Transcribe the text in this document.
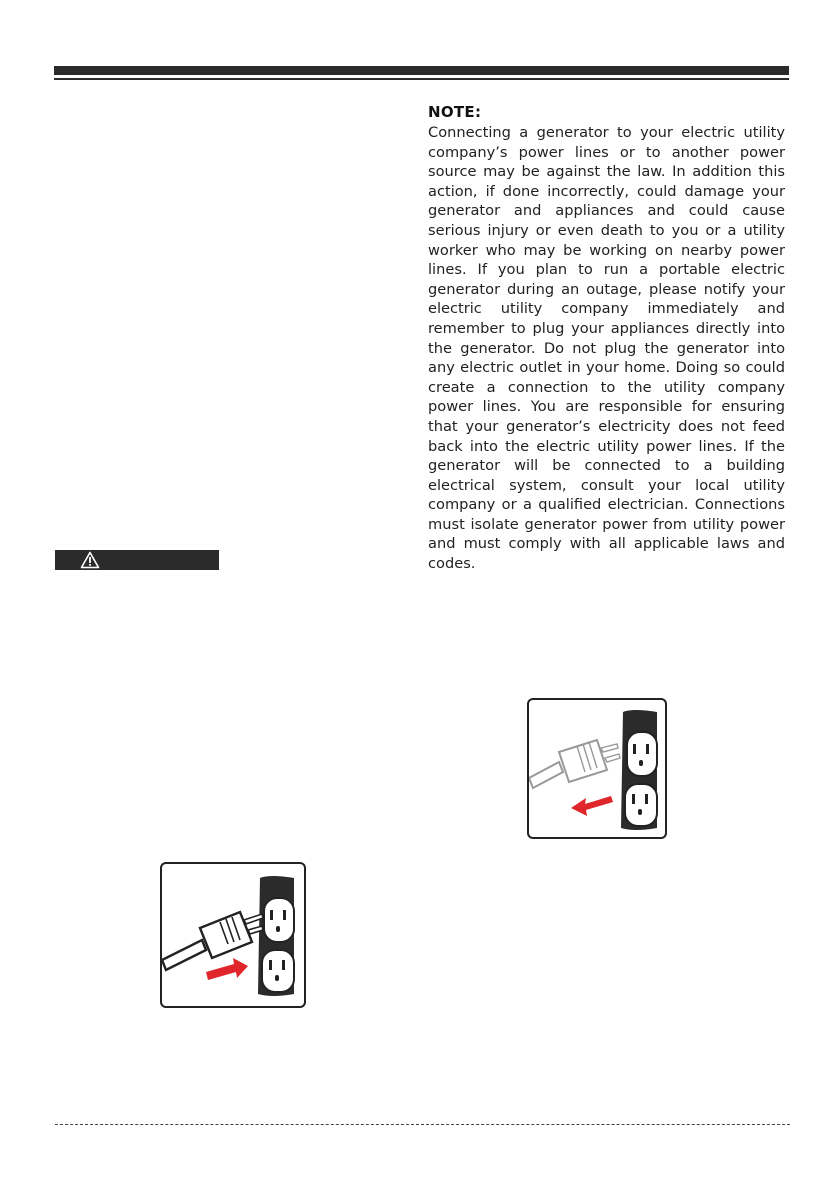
NOTE:
Connecting a generator to your electric utility company’s power lines or to another power source may be against the law. In addition this action, if done incorrectly, could damage your generator and appliances and could cause serious injury or even death to you or a utility worker who may be working on nearby power lines. If you plan to run a portable electric generator during an outage, please notify your electric utility company immediately and remember to plug your appliances directly into the generator. Do not plug the generator into any electric outlet in your home. Doing so could create a connection to the utility company power lines. You are responsible for ensuring that your generator’s electricity does not feed back into the electric utility power lines. If the generator will be connected to a building electrical system, consult your local utility company or a qualified electrician. Connections must isolate generator power from utility power and must comply with all applicable laws and codes.
